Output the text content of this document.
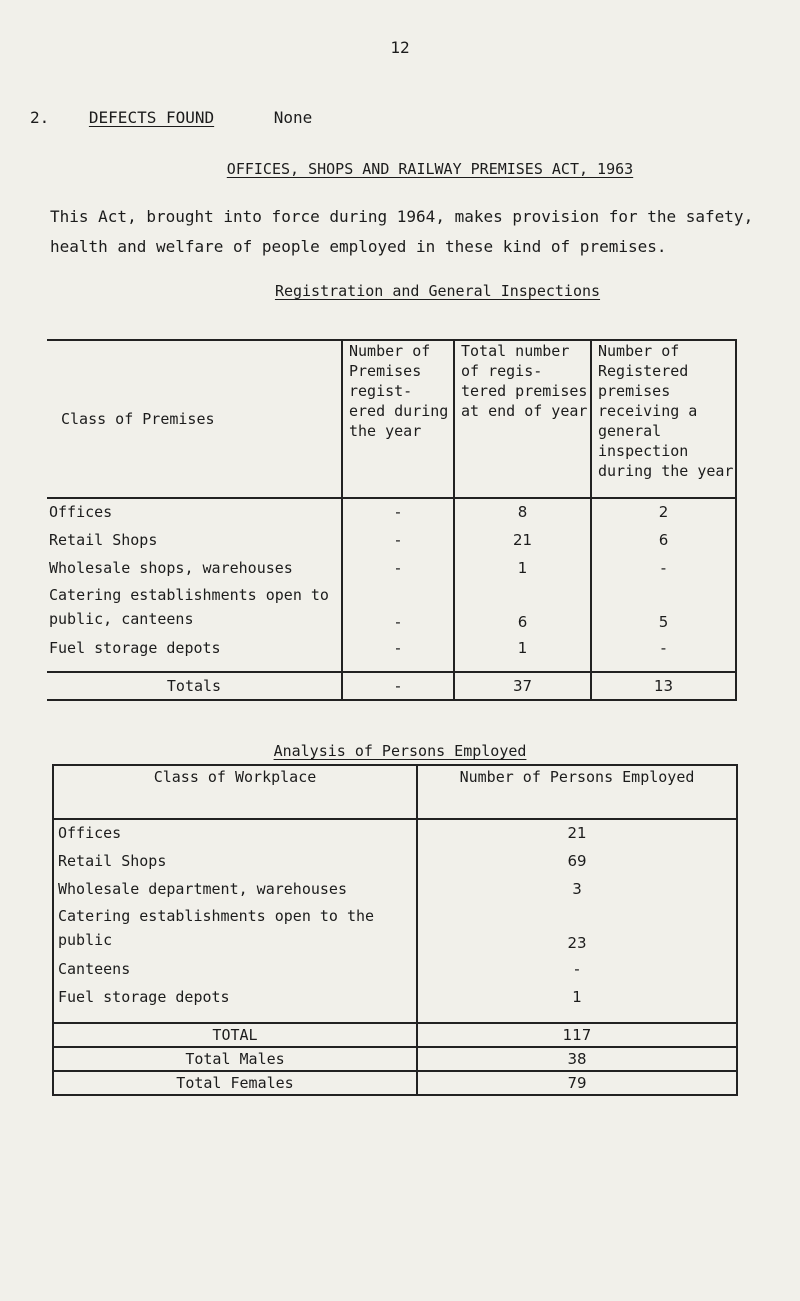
12
2. DEFECTS FOUND	None
OFFICES, SHOPS AND RAILWAY PREMISES ACT, 1963
This Act, brought into force during 1964, makes provision for the safety, health and welfare of people employed in these kind of premises.
Registration and General Inspections
Class of Premises	Number of Premises regist- ered during the year	Total number of regis- tered premises at end of year	Number of Registered premises receiving a general inspection during the year
Offices	-	8	2
Retail Shops	-	21	6
Wholesale shops, warehouses	-	1	-
Catering establishments open to public, canteens	-	6	5
Fuel storage depots	-	1	-
Totals	-	37	13
Analysis of Persons Employed
Class of Workplace	Number of Persons Employed
Offices	21
Retail Shops	69
Wholesale department, warehouses	3
Catering establishments open to the public	23
Canteens	-
Fuel storage depots	1
TOTAL	117
Total Males	38
Total Females	79
